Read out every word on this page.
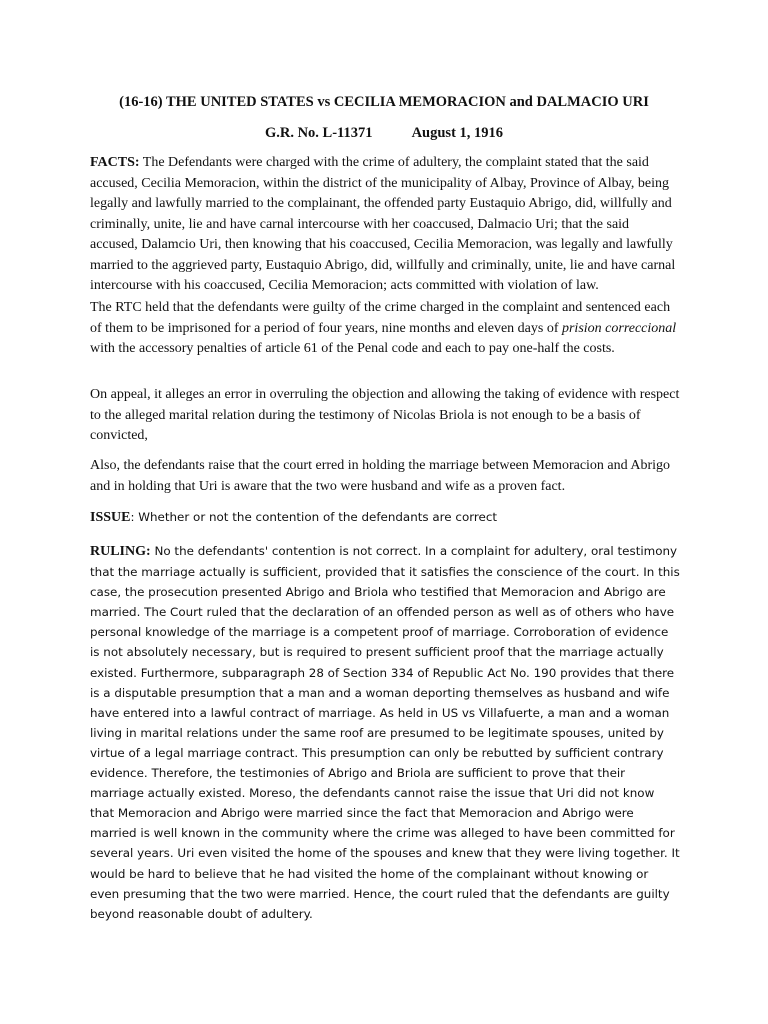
(16-16) THE UNITED STATES vs CECILIA MEMORACION and DALMACIO URI
G.R. No. L-11371	August 1, 1916

FACTS: The Defendants were charged with the crime of adultery, the complaint stated that the said accused, Cecilia Memoracion, within the district of the municipality of Albay, Province of Albay, being legally and lawfully married to the complainant, the offended party Eustaquio Abrigo, did, willfully and criminally, unite, lie and have carnal intercourse with her coaccused, Dalmacio Uri; that the said accused, Dalamcio Uri, then knowing that his coaccused, Cecilia Memoracion, was legally and lawfully married to the aggrieved party, Eustaquio Abrigo, did, willfully and criminally, unite, lie and have carnal intercourse with his coaccused, Cecilia Memoracion; acts committed with violation of law.

The RTC held that the defendants were guilty of the crime charged in the complaint and sentenced each of them to be imprisoned for a period of four years, nine months and eleven days of prision correccional with the accessory penalties of article 61 of the Penal code and each to pay one-half the costs.

On appeal, it alleges an error in overruling the objection and allowing the taking of evidence with respect to the alleged marital relation during the testimony of Nicolas Briola is not enough to be a basis of convicted,

Also, the defendants raise that the court erred in holding the marriage between Memoracion and Abrigo and in holding that Uri is aware that the two were husband and wife as a proven fact.

ISSUE: Whether or not the contention of the defendants are correct

RULING: No the defendants' contention is not correct. In a complaint for adultery, oral testimony that the marriage actually is sufficient, provided that it satisfies the conscience of the court. In this case, the prosecution presented Abrigo and Briola who testified that Memoracion and Abrigo are married. The Court ruled that the declaration of an offended person as well as of others who have personal knowledge of the marriage is a competent proof of marriage. Corroboration of evidence is not absolutely necessary, but is required to present sufficient proof that the marriage actually existed. Furthermore, subparagraph 28 of Section 334 of Republic Act No. 190 provides that there is a disputable presumption that a man and a woman deporting themselves as husband and wife have entered into a lawful contract of marriage. As held in US vs Villafuerte, a man and a woman living in marital relations under the same roof are presumed to be legitimate spouses, united by virtue of a legal marriage contract. This presumption can only be rebutted by sufficient contrary evidence. Therefore, the testimonies of Abrigo and Briola are sufficient to prove that their marriage actually existed. Moreso, the defendants cannot raise the issue that Uri did not know that Memoracion and Abrigo were married since the fact that Memoracion and Abrigo were married is well known in the community where the crime was alleged to have been committed for several years. Uri even visited the home of the spouses and knew that they were living together. It would be hard to believe that he had visited the home of the complainant without knowing or even presuming that the two were married. Hence, the court ruled that the defendants are guilty beyond reasonable doubt of adultery.
